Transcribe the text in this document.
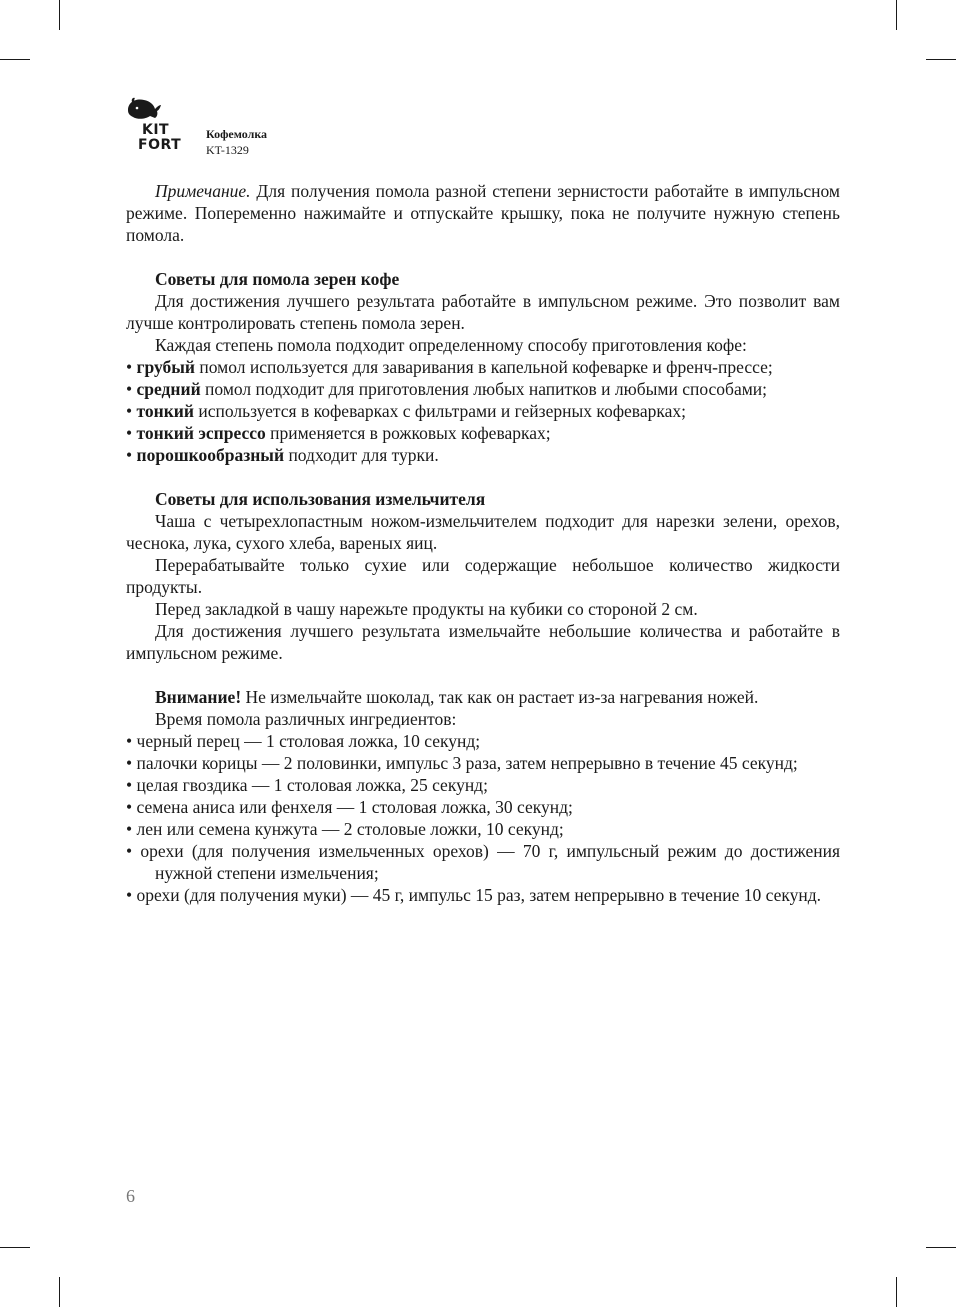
KIT
FORT
Кофемолка
KT-1329

Примечание. Для получения помола разной степени зернистости работайте в импульсном режиме. Попеременно нажимайте и отпускайте крышку, пока не получите нужную степень помола.

Советы для помола зерен кофе

Для достижения лучшего результата работайте в импульсном режиме. Это позволит вам лучше контролировать степень помола зерен.

Каждая степень помола подходит определенному способу приготовления кофе:

• грубый помол используется для заваривания в капельной кофеварке и френч-прессе;

• средний помол подходит для приготовления любых напитков и любыми способами;

• тонкий используется в кофеварках с фильтрами и гейзерных кофеварках;

• тонкий эспрессо применяется в рожковых кофеварках;

• порошкообразный подходит для турки.

Советы для использования измельчителя

Чаша с четырехлопастным ножом-измельчителем подходит для нарезки зелени, орехов, чеснока, лука, сухого хлеба, вареных яиц.

Перерабатывайте только сухие или содержащие небольшое количество жидкости продукты.

Перед закладкой в чашу нарежьте продукты на кубики со стороной 2 см.

Для достижения лучшего результата измельчайте небольшие количества и работайте в импульсном режиме.

Внимание! Не измельчайте шоколад, так как он растает из-за нагревания ножей.

Время помола различных ингредиентов:

• черный перец — 1 столовая ложка, 10 секунд;

• палочки корицы — 2 половинки, импульс 3 раза, затем непрерывно в течение 45 секунд;

• целая гвоздика — 1 столовая ложка, 25 секунд;

• семена аниса или фенхеля — 1 столовая ложка, 30 секунд;

• лен или семена кунжута — 2 столовые ложки, 10 секунд;

• орехи (для получения измельченных орехов) — 70 г, импульсный режим до достижения нужной степени измельчения;

• орехи (для получения муки) — 45 г, импульс 15 раз, затем непрерывно в течение 10 секунд.

6
